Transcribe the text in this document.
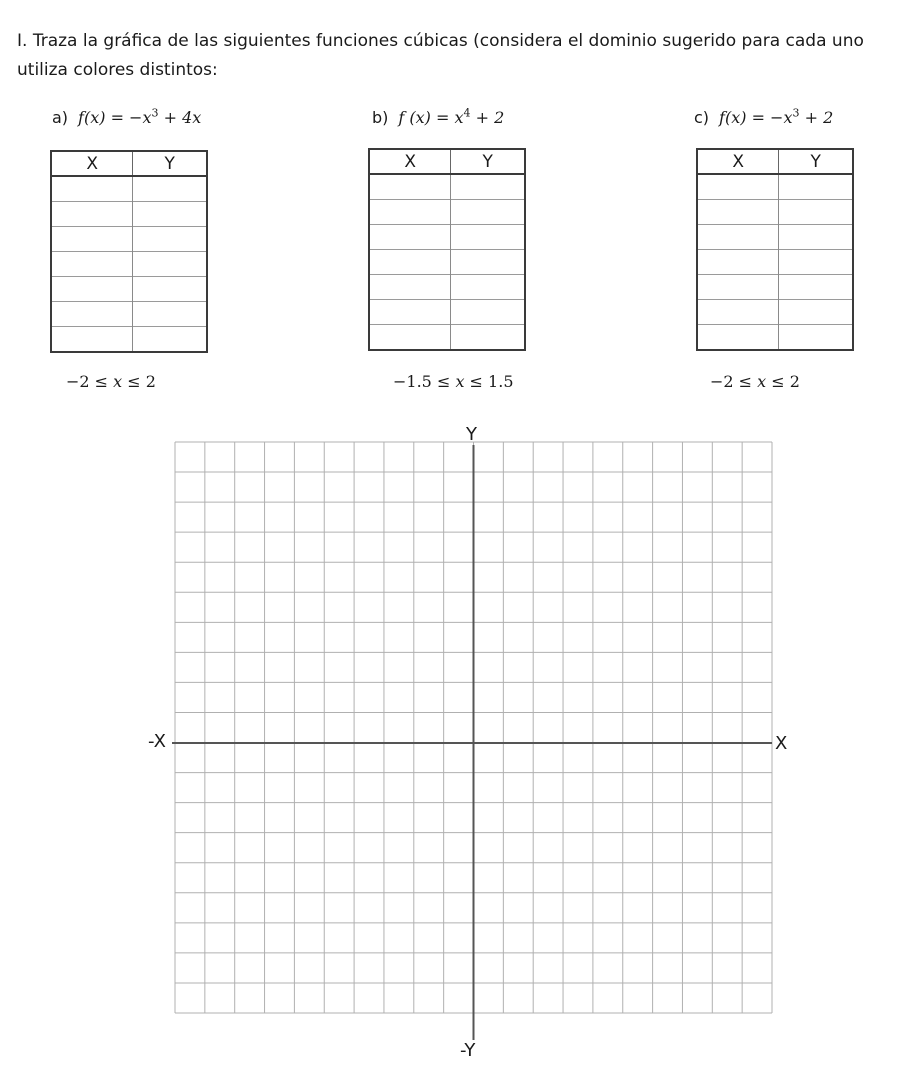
I. Traza la gráfica de las siguientes funciones cúbicas (considera el dominio sugerido para cada uno
utiliza colores distintos:
a) $f(x) = -x^3 + 4x$
X	Y

−2 ≤ x ≤ 2
b) f $(x) = x^4 + 2$
X	Y

−1.5 ≤ x ≤ 1.5
c) $f(x) = -x^3 + 2$
X	Y

−2 ≤ x ≤ 2
Y
-Y
-X	X
